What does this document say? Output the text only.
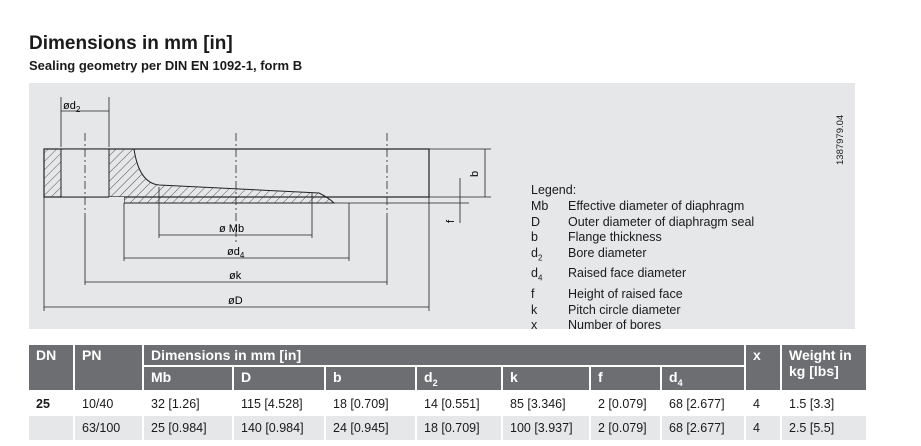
Dimensions in mm [in]
Sealing geometry per DIN EN 1092-1, form B
$ød_2$
ø Mb
$ød_4$
øk
øD
b
f
1387979.04
Legend:
Mb	Effective diameter of diaphragm
D	Outer diameter of diaphragm seal
b	Flange thickness
$d_2$	Bore diameter
$d_4$	Raised face diameter
f	Height of raised face
k	Pitch circle diameter
x	Number of bores
DN	PN	Dimensions in mm [in]							x	Weight in kg [lbs]
		Mb	D	b	$d_2$	k	f	$d_4$
25	10/40	32 [1.26]	115 [4.528]	18 [0.709]	14 [0.551]	85 [3.346]	2 [0.079]	68 [2.677]	4	1.5 [3.3]
	63/100	25 [0.984]	140 [0.984]	24 [0.945]	18 [0.709]	100 [3.937]	2 [0.079]	68 [2.677]	4	2.5 [5.5]
